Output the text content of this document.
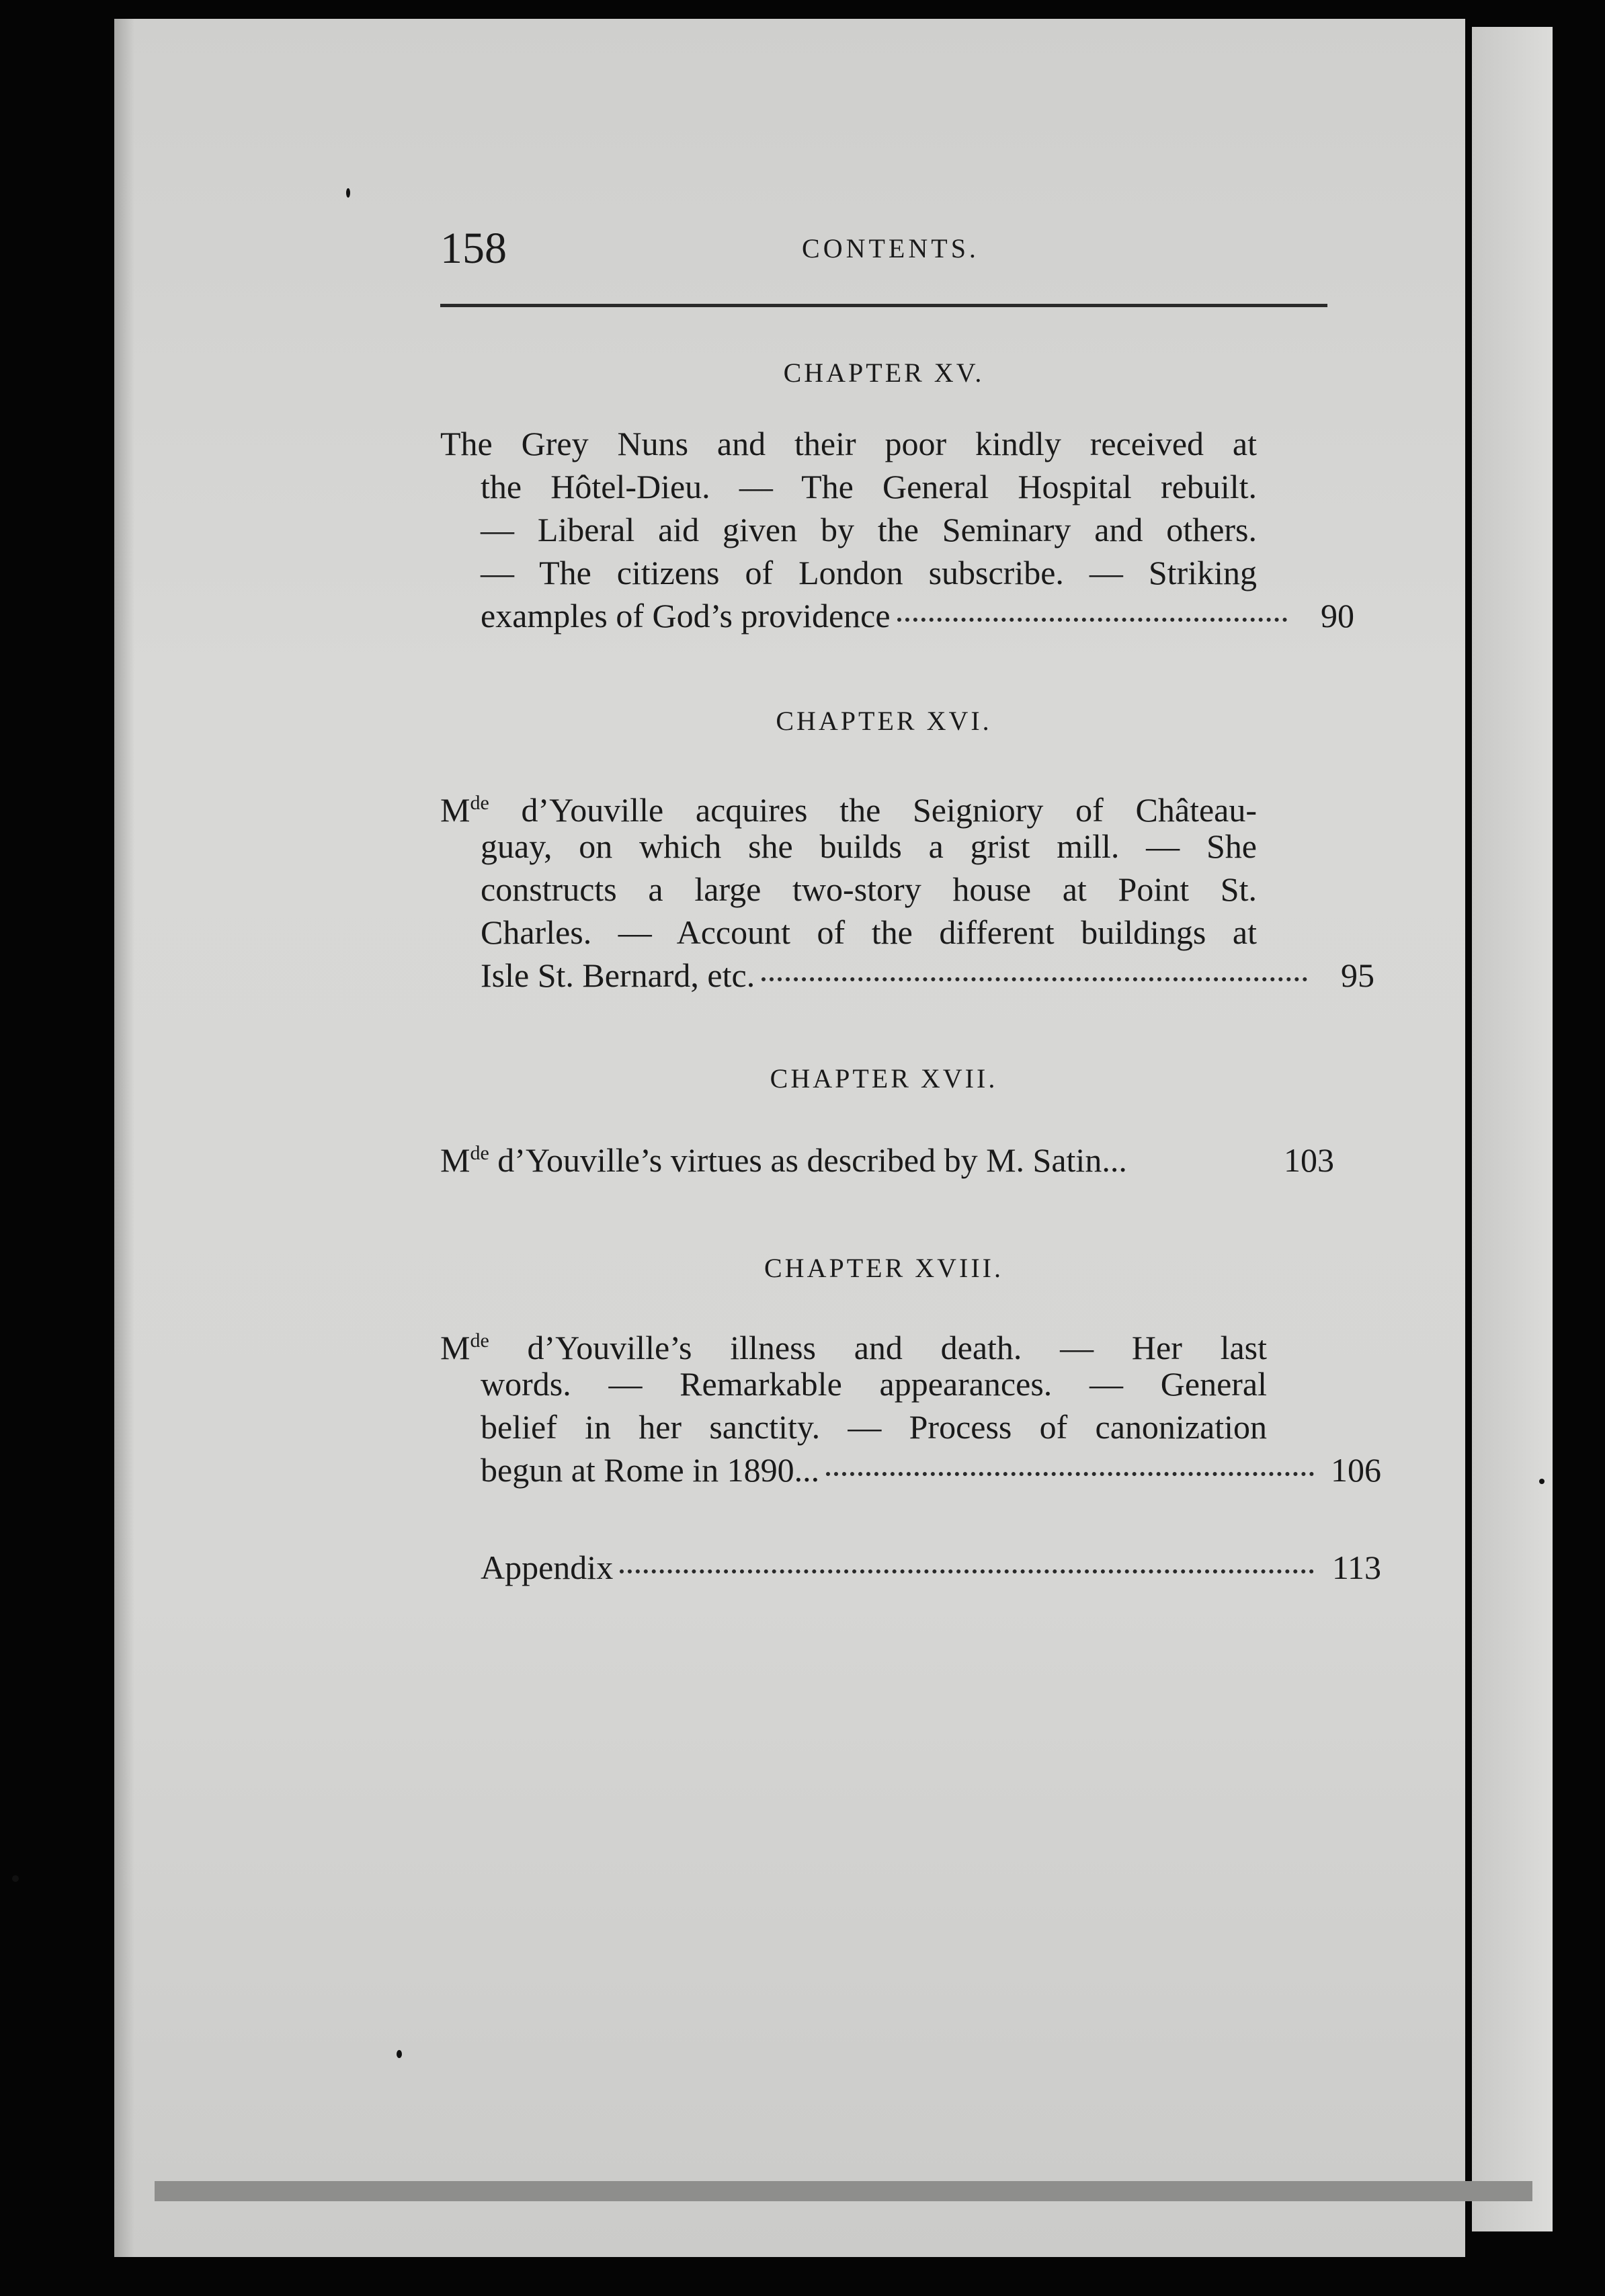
158	CONTENTS.
CHAPTER XV.
The Grey Nuns and their poor kindly received at
the Hôtel-Dieu. — The General Hospital rebuilt.
— Liberal aid given by the Seminary and others.
— The citizens of London subscribe. — Striking
examples of God’s providence	90
CHAPTER XVI.
Mde d’Youville acquires the Seigniory of Château-
guay, on which she builds a grist mill. — She
constructs a large two-story house at Point St.
Charles. — Account of the different buildings at
Isle St. Bernard, etc.	95
CHAPTER XVII.
Mde d’Youville’s virtues as described by M. Satin...	103
CHAPTER XVIII.
Mde d’Youville’s illness and death. — Her last
words. — Remarkable appearances. — General
belief in her sanctity. — Process of canonization
begun at Rome in 1890...	106
Appendix	113
